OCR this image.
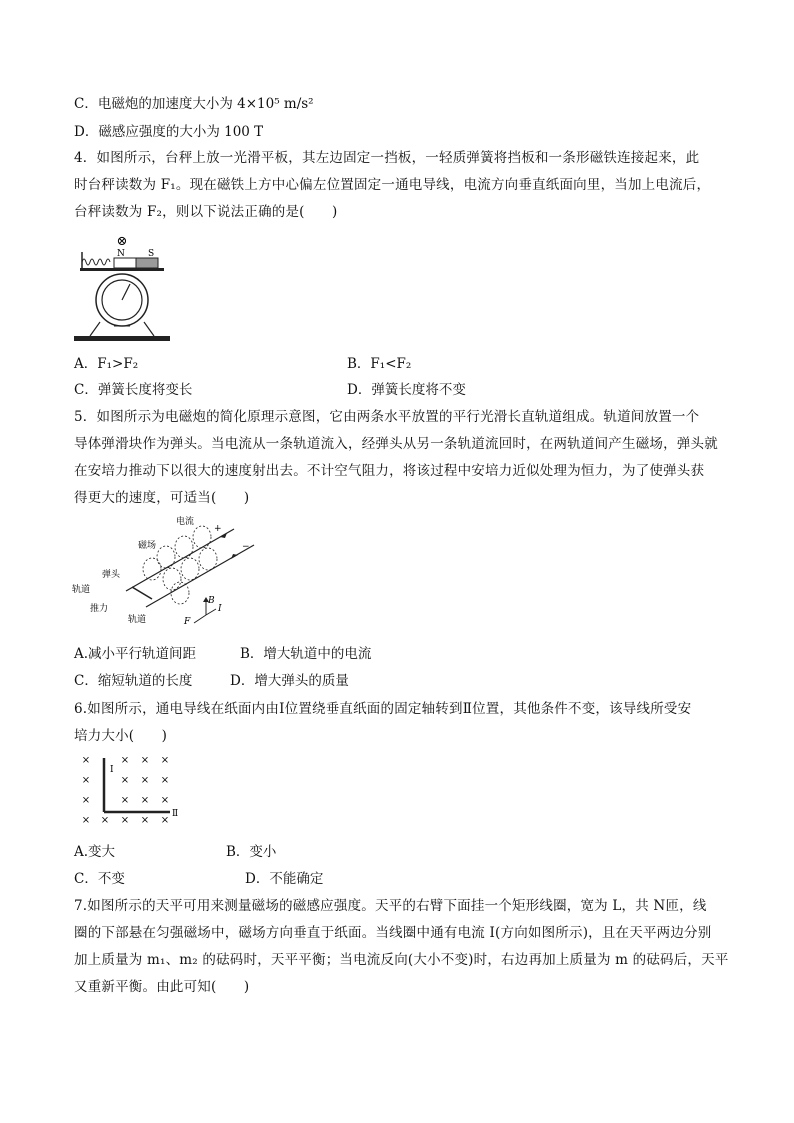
C．电磁炮的加速度大小为 4×10⁵ m/s²
D．磁感应强度的大小为 100 T
4．如图所示，台秤上放一光滑平板，其左边固定一挡板，一轻质弹簧将挡板和一条形磁铁连接起来，此
时台秤读数为 F₁。现在磁铁上方中心偏左位置固定一通电导线，电流方向垂直纸面向里，当加上电流后，
台秤读数为 F₂，则以下说法正确的是(　　)
⊗
N	S
A．F₁>F₂	B．F₁<F₂
C．弹簧长度将变长	D．弹簧长度将不变
5．如图所示为电磁炮的简化原理示意图，它由两条水平放置的平行光滑长直轨道组成。轨道间放置一个
导体弹滑块作为弹头。当电流从一条轨道流入，经弹头从另一条轨道流回时，在两轨道间产生磁场，弹头就
在安培力推动下以很大的速度射出去。不计空气阻力，将该过程中安培力近似处理为恒力，为了使弹头获
得更大的速度，可适当(　　)
电流
+
−
磁场
弹头
轨道
推力
轨道
B
F
I
A.减小平行轨道间距	B．增大轨道中的电流
C．缩短轨道的长度	D．增大弹头的质量
6.如图所示，通电导线在纸面内由Ⅰ位置绕垂直纸面的固定轴转到Ⅱ位置，其他条件不变，该导线所受安
培力大小(　　)
×	× × ×
×	× × ×
×	× × ×
× × × × ×
Ⅰ
Ⅱ
A.变大	B．变小
C．不变	D．不能确定
7.如图所示的天平可用来测量磁场的磁感应强度。天平的右臂下面挂一个矩形线圈，宽为 L，共 N匝，线
圈的下部悬在匀强磁场中，磁场方向垂直于纸面。当线圈中通有电流 I(方向如图所示)，且在天平两边分别
加上质量为 m₁、m₂ 的砝码时，天平平衡；当电流反向(大小不变)时，右边再加上质量为 m 的砝码后，天平
又重新平衡。由此可知(　　)
